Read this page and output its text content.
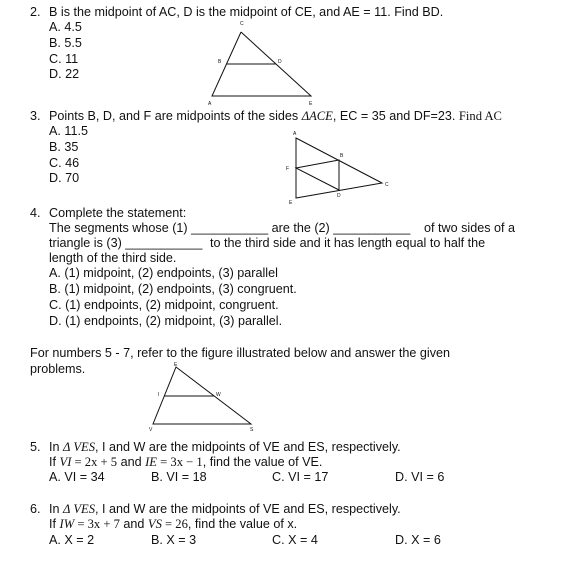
2. B is the midpoint of AC, D is the midpoint of CE, and AE = 11. Find BD.
A. 4.5
B. 5.5
C. 11
D. 22
C
B	D
A	E
3. Points B, D, and F are midpoints of the sides ΔACE, EC = 35 and DF=23. Find AC
A. 11.5
B. 35
C. 46
D. 70
A
B
F
D
C
E
4. Complete the statement:
The segments whose (1) ___________ are the (2) ___________ of two sides of a
triangle is (3) ___________ to the third side and it has length equal to half the
length of the third side.
A. (1) midpoint, (2) endpoints, (3) parallel
B. (1) midpoint, (2) endpoints, (3) congruent.
C. (1) endpoints, (2) midpoint, congruent.
D. (1) endpoints, (2) midpoint, (3) parallel.
For numbers 5 - 7, refer to the figure illustrated below and answer the given
problems.	E
I	W
V	S
5. In Δ VES, I and W are the midpoints of VE and ES, respectively.
If VI = 2x + 5 and IE = 3x − 1, find the value of VE.
A. VI = 34	B. VI = 18	C. VI = 17	D. VI = 6
6. In Δ VES, I and W are the midpoints of VE and ES, respectively.
If IW = 3x + 7 and VS = 26, find the value of x.
A. X = 2	B. X = 3	C. X = 4	D. X = 6
